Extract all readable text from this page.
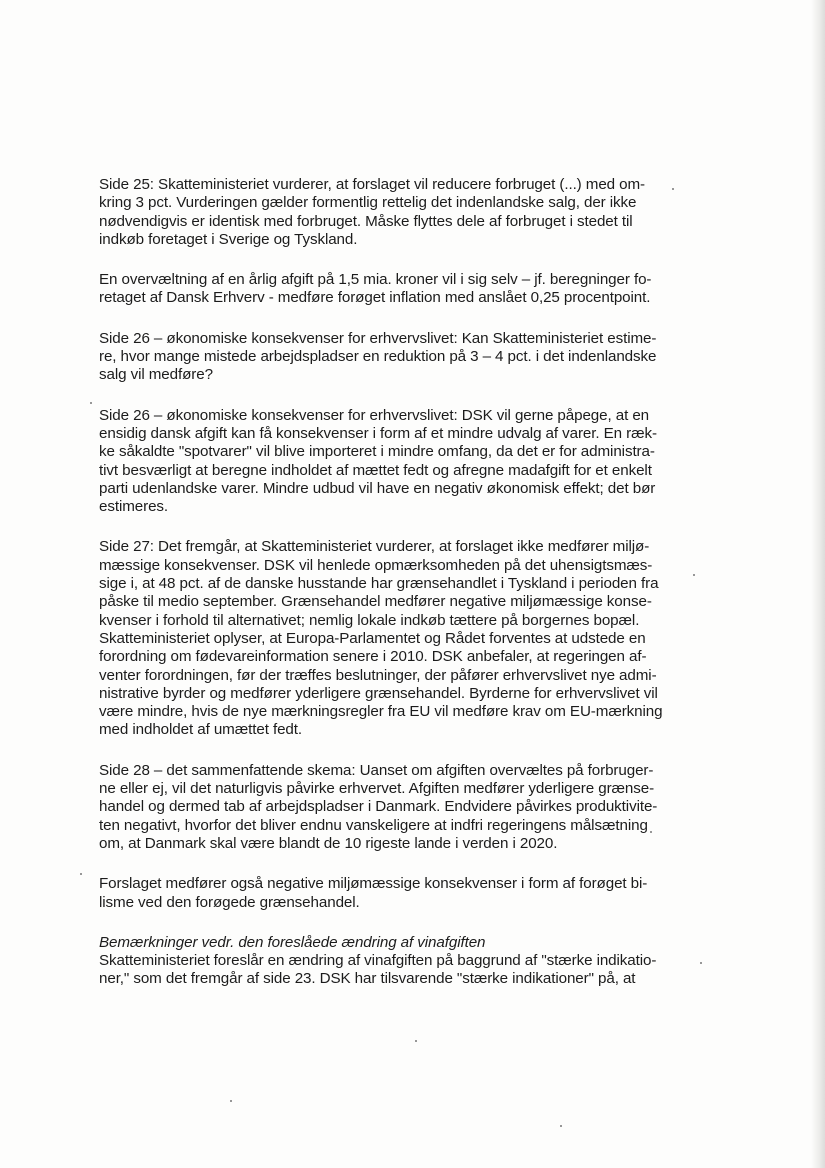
Side 25: Skatteministeriet vurderer, at forslaget vil reducere forbruget (...) med om-
kring 3 pct. Vurderingen gælder formentlig rettelig det indenlandske salg, der ikke
nødvendigvis er identisk med forbruget. Måske flyttes dele af forbruget i stedet til
indkøb foretaget i Sverige og Tyskland.

En overvæltning af en årlig afgift på 1,5 mia. kroner vil i sig selv – jf. beregninger fo-
retaget af Dansk Erhverv - medføre forøget inflation med anslået 0,25 procentpoint.

Side 26 – økonomiske konsekvenser for erhvervslivet: Kan Skatteministeriet estime-
re, hvor mange mistede arbejdspladser en reduktion på 3 – 4 pct. i det indenlandske
salg vil medføre?

Side 26 – økonomiske konsekvenser for erhvervslivet: DSK vil gerne påpege, at en
ensidig dansk afgift kan få konsekvenser i form af et mindre udvalg af varer. En ræk-
ke såkaldte "spotvarer" vil blive importeret i mindre omfang, da det er for administra-
tivt besværligt at beregne indholdet af mættet fedt og afregne madafgift for et enkelt
parti udenlandske varer. Mindre udbud vil have en negativ økonomisk effekt; det bør
estimeres.

Side 27: Det fremgår, at Skatteministeriet vurderer, at forslaget ikke medfører miljø-
mæssige konsekvenser. DSK vil henlede opmærksomheden på det uhensigtsmæs-
sige i, at 48 pct. af de danske husstande har grænsehandlet i Tyskland i perioden fra
påske til medio september. Grænsehandel medfører negative miljømæssige konse-
kvenser i forhold til alternativet; nemlig lokale indkøb tættere på borgernes bopæl.
Skatteministeriet oplyser, at Europa-Parlamentet og Rådet forventes at udstede en
forordning om fødevareinformation senere i 2010. DSK anbefaler, at regeringen af-
venter forordningen, før der træffes beslutninger, der påfører erhvervslivet nye admi-
nistrative byrder og medfører yderligere grænsehandel. Byrderne for erhvervslivet vil
være mindre, hvis de nye mærkningsregler fra EU vil medføre krav om EU-mærkning
med indholdet af umættet fedt.

Side 28 – det sammenfattende skema: Uanset om afgiften overvæltes på forbruger-
ne eller ej, vil det naturligvis påvirke erhvervet. Afgiften medfører yderligere grænse-
handel og dermed tab af arbejdspladser i Danmark. Endvidere påvirkes produktivite-
ten negativt, hvorfor det bliver endnu vanskeligere at indfri regeringens målsætning
om, at Danmark skal være blandt de 10 rigeste lande i verden i 2020.

Forslaget medfører også negative miljømæssige konsekvenser i form af forøget bi-
lisme ved den forøgede grænsehandel.

Bemærkninger vedr. den foreslåede ændring af vinafgiften
Skatteministeriet foreslår en ændring af vinafgiften på baggrund af "stærke indikatio-
ner," som det fremgår af side 23. DSK har tilsvarende "stærke indikationer" på, at
